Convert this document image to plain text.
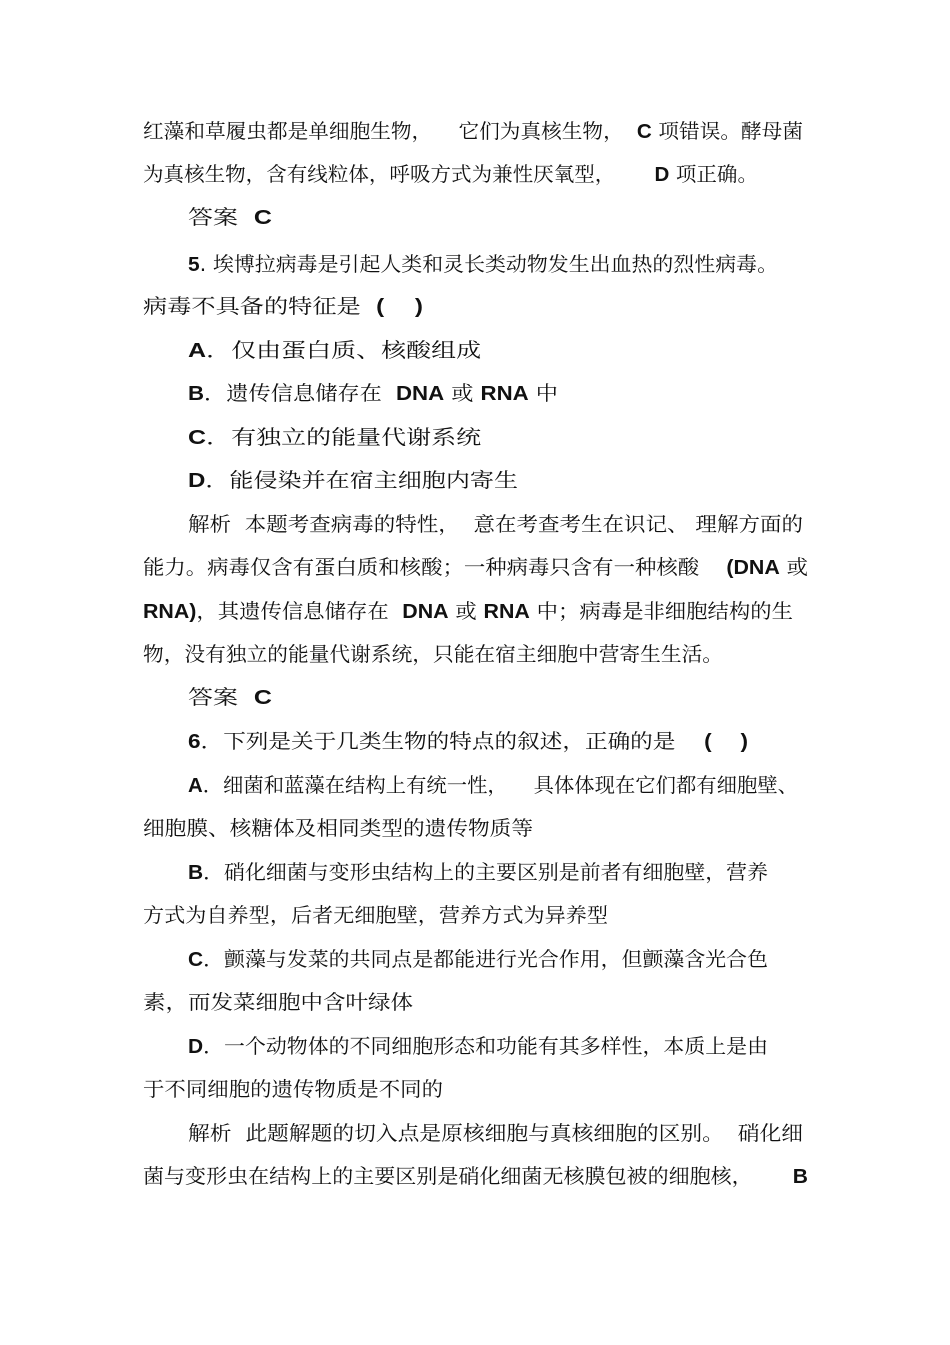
红藻和草履虫都是单细胞生物，    它们为真核生物，  C 项错误。酵母菌
为真核生物，含有线粒体，呼吸方式为兼性厌氧型，      D 项正确。
答案  C
5. 埃博拉病毒是引起人类和灵长类动物发生出血热的烈性病毒。
病毒不具备的特征是  ( )
A．仅由蛋白质、核酸组成
B．遗传信息储存在  DNA 或 RNA 中
C．有独立的能量代谢系统
D．能侵染并在宿主细胞内寄生
解析  本题考查病毒的特性，  意在考查考生在识记、 理解方面的
能力。病毒仅含有蛋白质和核酸；一种病毒只含有一种核酸    (DNA 或
RNA)，其遗传信息储存在  DNA 或 RNA 中；病毒是非细胞结构的生
物，没有独立的能量代谢系统，只能在宿主细胞中营寄生生活。
答案  C
6．下列是关于几类生物的特点的叙述，正确的是    ( )
A．细菌和蓝藻在结构上有统一性，    具体体现在它们都有细胞壁、
细胞膜、核糖体及相同类型的遗传物质等
B．硝化细菌与变形虫结构上的主要区别是前者有细胞壁，营养
方式为自养型，后者无细胞壁，营养方式为异养型
C．颤藻与发菜的共同点是都能进行光合作用，但颤藻含光合色
素，而发菜细胞中含叶绿体
D．一个动物体的不同细胞形态和功能有其多样性，本质上是由
于不同细胞的遗传物质是不同的
解析  此题解题的切入点是原核细胞与真核细胞的区别。  硝化细
菌与变形虫在结构上的主要区别是硝化细菌无核膜包被的细胞核，      B
